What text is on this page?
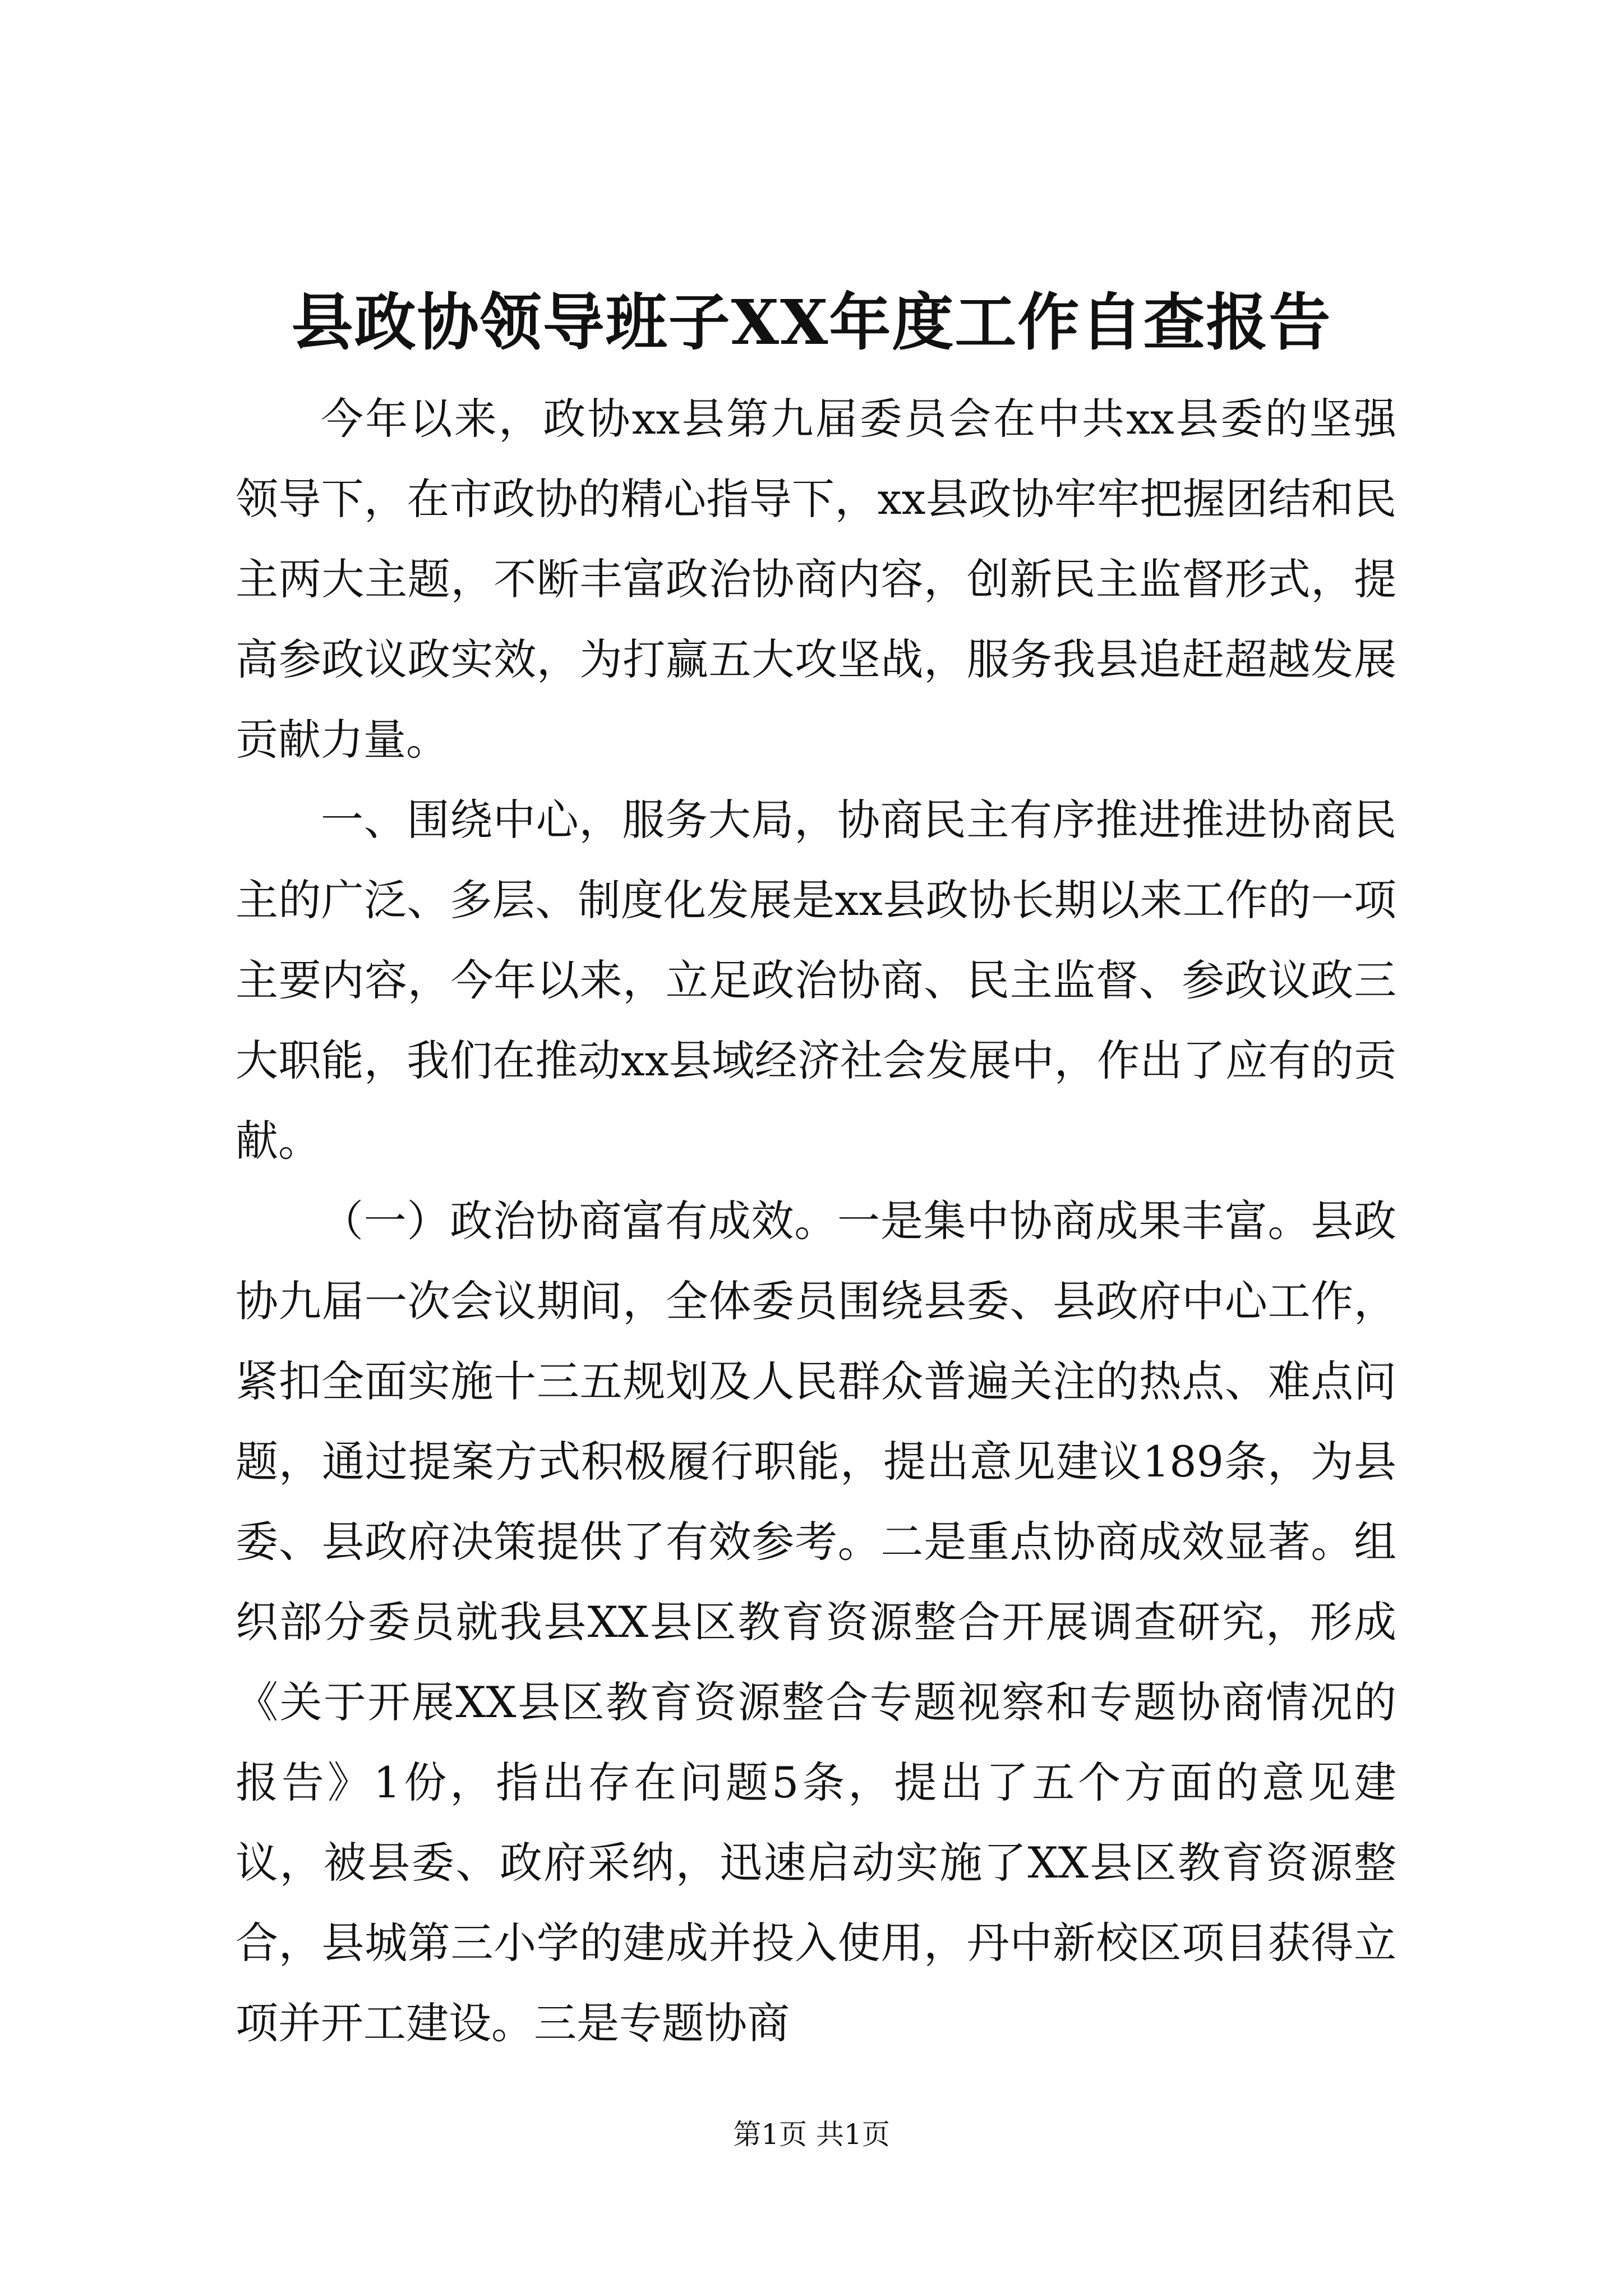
县政协领导班子XX年度工作自查报告

今年以来，政协xx县第九届委员会在中共xx县委的坚强领导下，在市政协的精心指导下，xx县政协牢牢把握团结和民主两大主题，不断丰富政治协商内容，创新民主监督形式，提高参政议政实效，为打赢五大攻坚战，服务我县追赶超越发展贡献力量。

一、围绕中心，服务大局，协商民主有序推进推进协商民主的广泛、多层、制度化发展是xx县政协长期以来工作的一项主要内容，今年以来，立足政治协商、民主监督、参政议政三大职能，我们在推动xx县域经济社会发展中，作出了应有的贡献。

（一）政治协商富有成效。一是集中协商成果丰富。县政协九届一次会议期间，全体委员围绕县委、县政府中心工作，紧扣全面实施十三五规划及人民群众普遍关注的热点、难点问题，通过提案方式积极履行职能，提出意见建议189条，为县委、县政府决策提供了有效参考。二是重点协商成效显著。组织部分委员就我县XX县区教育资源整合开展调查研究，形成《关于开展XX县区教育资源整合专题视察和专题协商情况的报告》1份，指出存在问题5条，提出了五个方面的意见建议，被县委、政府采纳，迅速启动实施了XX县区教育资源整合，县城第三小学的建成并投入使用，丹中新校区项目获得立项并开工建设。三是专题协商

第1页 共1页
